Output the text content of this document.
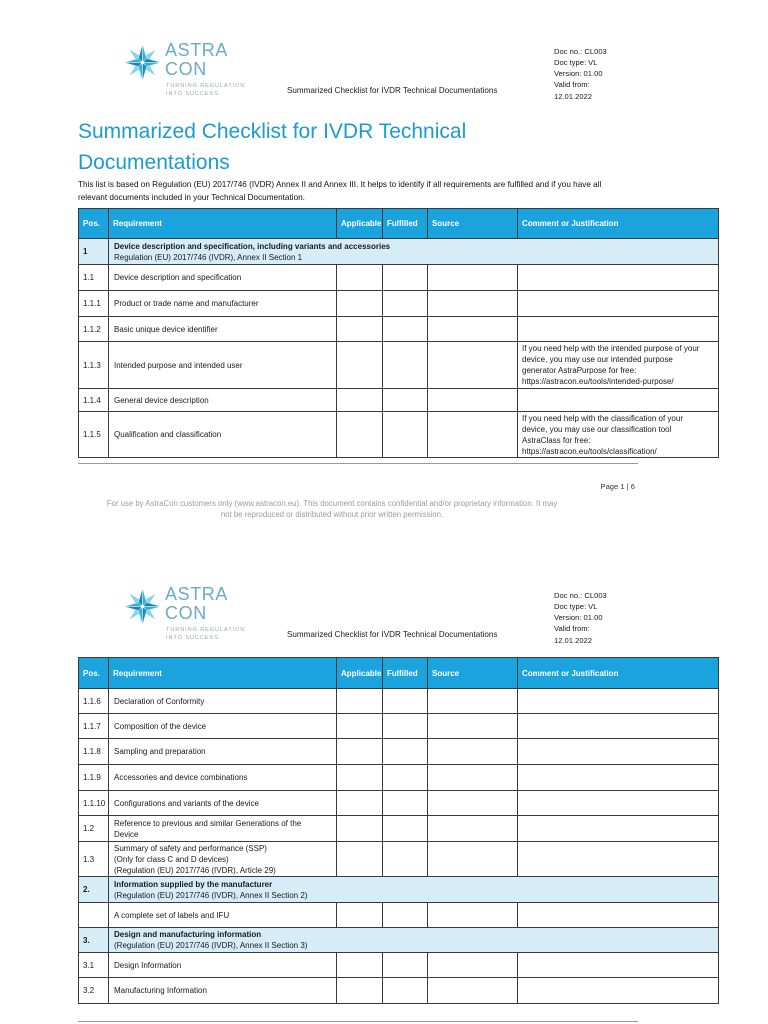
ASTRA
CON
TURNING REGULATION
INTO SUCCESS	Summarized Checklist for IVDR Technical Documentations
Doc no.: CL003
Doc type: VL
Version: 01.00
Valid from:
12.01.2022
Summarized Checklist for IVDR Technical Documentations
This list is based on Regulation (EU) 2017/746 (IVDR) Annex II and Annex III. It helps to identify if all requirements are fulfilled and if you have all relevant documents included in your Technical Documentation.
Pos.	Requirement	Applicable	Fulfilled	Source	Comment or Justification
1	Device description and specification, including variants and accessories
Regulation (EU) 2017/746 (IVDR), Annex II Section 1				

1.1	Device description and specification				
1.1.1	Product or trade name and manufacturer				
1.1.2	Basic unique device identifier				
1.1.3	Intended purpose and intended user				If you need help with the intended purpose of your device, you may use our intended purpose generator AstraPurpose for free:
https://astracon.eu/tools/intended-purpose/

1.1.4	General device description				
1.1.5	Qualification and classification				If you need help with the classification of your device, you may use our classification tool AstraClass for free:
https://astracon.eu/tools/classification/
Page 1 | 6
For use by AstraCon customers only (www.astracon.eu). This document contains confidential and/or proprietary information. It may
not be reproduced or distributed without prior written permission.
ASTRA
CON
TURNING REGULATION
INTO SUCCESS	Summarized Checklist for IVDR Technical Documentations
Doc no.: CL003
Doc type: VL
Version: 01.00
Valid from:
12.01.2022
Pos.	Requirement	Applicable	Fulfilled	Source	Comment or Justification
1.1.6	Declaration of Conformity				
1.1.7	Composition of the device				
1.1.8	Sampling and preparation				
1.1.9	Accessories and device combinations				
1.1.10	Configurations and variants of the device				
1.2	Reference to previous and similar Generations of the Device				
1.3	Summary of safety and performance (SSP)
(Only for class C and D devices)
(Regulation (EU) 2017/746 (IVDR), Article 29)				
2.	Information supplied by the manufacturer
(Regulation (EU) 2017/746 (IVDR), Annex II Section 2)				

	A complete set of labels and IFU				
3.	Design and manufacturing information
(Regulation (EU) 2017/746 (IVDR), Annex II Section 3)				

3.1	Design Information				
3.2	Manufacturing Information				
